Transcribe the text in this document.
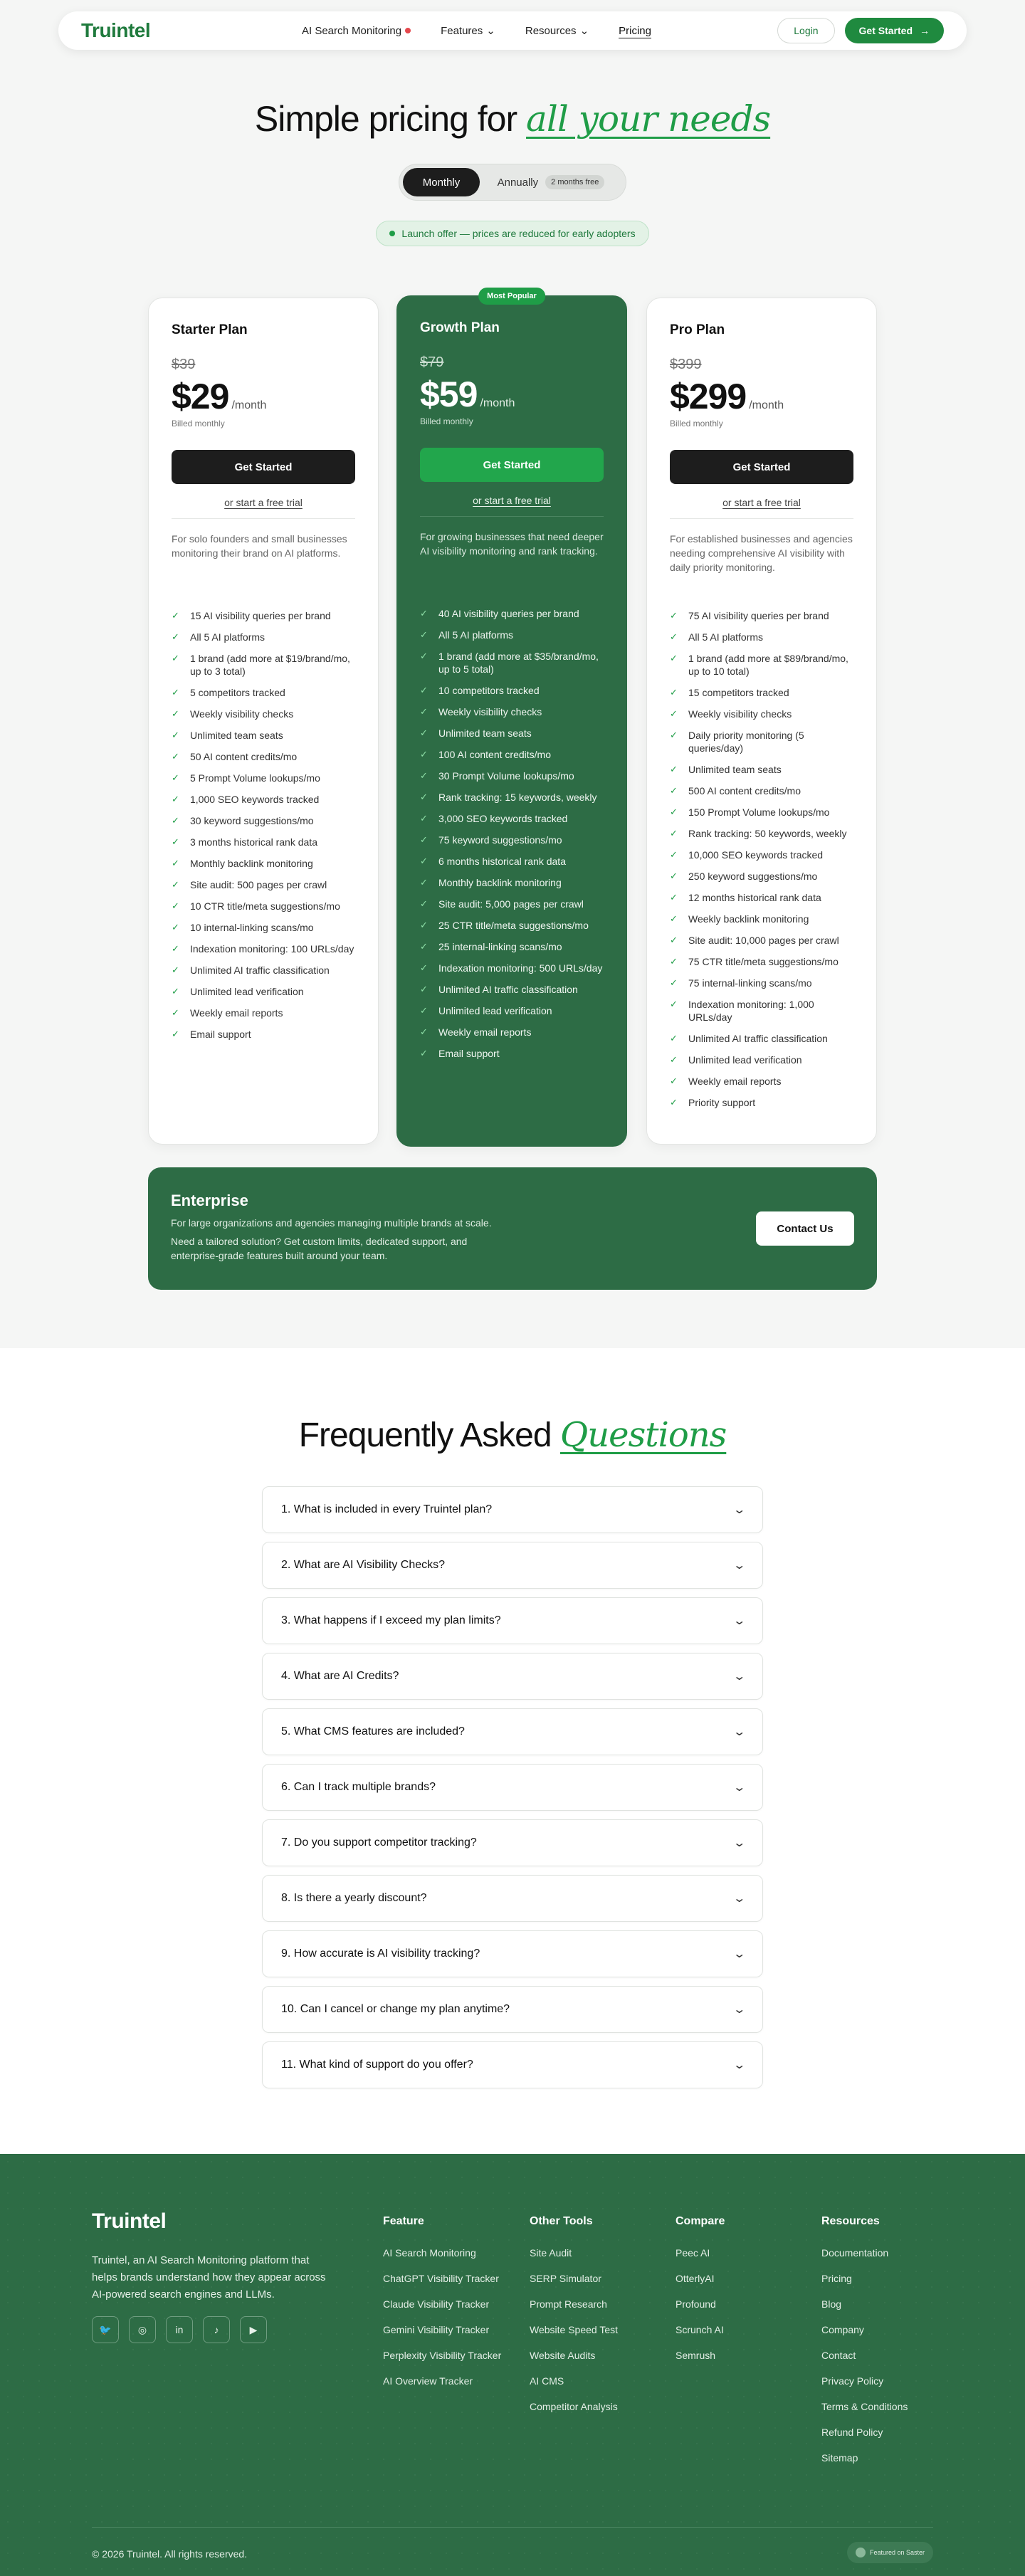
Truintel	AI Search Monitoring	Features ⌄	Resources ⌄	Pricing	Login	Get Started →
Simple pricing for all your needs
Monthly	Annually	2 months free
Launch offer — prices are reduced for early adopters
Starter Plan
$39
$29 /month
Billed monthly
Get Started
or start a free trial
For solo founders and small businesses monitoring their brand on AI platforms.
✓ 15 AI visibility queries per brand
✓ All 5 AI platforms
✓ 1 brand (add more at $19/brand/mo, up to 3 total)
✓ 5 competitors tracked
✓ Weekly visibility checks
✓ Unlimited team seats
✓ 50 AI content credits/mo
✓ 5 Prompt Volume lookups/mo
✓ 1,000 SEO keywords tracked
✓ 30 keyword suggestions/mo
✓ 3 months historical rank data
✓ Monthly backlink monitoring
✓ Site audit: 500 pages per crawl
✓ 10 CTR title/meta suggestions/mo
✓ 10 internal-linking scans/mo
✓ Indexation monitoring: 100 URLs/day
✓ Unlimited AI traffic classification
✓ Unlimited lead verification
✓ Weekly email reports
✓ Email support
Most Popular
Growth Plan
$79
$59 /month
Billed monthly
Get Started
or start a free trial
For growing businesses that need deeper AI visibility monitoring and rank tracking.
✓ 40 AI visibility queries per brand
✓ All 5 AI platforms
✓ 1 brand (add more at $35/brand/mo, up to 5 total)
✓ 10 competitors tracked
✓ Weekly visibility checks
✓ Unlimited team seats
✓ 100 AI content credits/mo
✓ 30 Prompt Volume lookups/mo
✓ Rank tracking: 15 keywords, weekly
✓ 3,000 SEO keywords tracked
✓ 75 keyword suggestions/mo
✓ 6 months historical rank data
✓ Monthly backlink monitoring
✓ Site audit: 5,000 pages per crawl
✓ 25 CTR title/meta suggestions/mo
✓ 25 internal-linking scans/mo
✓ Indexation monitoring: 500 URLs/day
✓ Unlimited AI traffic classification
✓ Unlimited lead verification
✓ Weekly email reports
✓ Email support
Pro Plan
$399
$299 /month
Billed monthly
Get Started
or start a free trial
For established businesses and agencies needing comprehensive AI visibility with daily priority monitoring.
✓ 75 AI visibility queries per brand
✓ All 5 AI platforms
✓ 1 brand (add more at $89/brand/mo, up to 10 total)
✓ 15 competitors tracked
✓ Weekly visibility checks
✓ Daily priority monitoring (5 queries/day)
✓ Unlimited team seats
✓ 500 AI content credits/mo
✓ 150 Prompt Volume lookups/mo
✓ Rank tracking: 50 keywords, weekly
✓ 10,000 SEO keywords tracked
✓ 250 keyword suggestions/mo
✓ 12 months historical rank data
✓ Weekly backlink monitoring
✓ Site audit: 10,000 pages per crawl
✓ 75 CTR title/meta suggestions/mo
✓ 75 internal-linking scans/mo
✓ Indexation monitoring: 1,000 URLs/day
✓ Unlimited AI traffic classification
✓ Unlimited lead verification
✓ Weekly email reports
✓ Priority support
Enterprise
For large organizations and agencies managing multiple brands at scale.
Need a tailored solution? Get custom limits, dedicated support, and enterprise-grade features built around your team.
Contact Us
Frequently Asked Questions
1. What is included in every Truintel plan?	⌄
2. What are AI Visibility Checks?	⌄
3. What happens if I exceed my plan limits?	⌄
4. What are AI Credits?	⌄
5. What CMS features are included?	⌄
6. Can I track multiple brands?	⌄
7. Do you support competitor tracking?	⌄
8. Is there a yearly discount?	⌄
9. How accurate is AI visibility tracking?	⌄
10. Can I cancel or change my plan anytime?	⌄
11. What kind of support do you offer?	⌄
Truintel
Truintel, an AI Search Monitoring platform that helps brands understand how they appear across AI-powered search engines and LLMs.
🐦	◎	in	♪	▶
Feature
AI Search Monitoring
ChatGPT Visibility Tracker
Claude Visibility Tracker
Gemini Visibility Tracker
Perplexity Visibility Tracker
AI Overview Tracker
Other Tools
Site Audit
SERP Simulator
Prompt Research
Website Speed Test
Website Audits
AI CMS
Competitor Analysis
Compare
Peec AI
OtterlyAI
Profound
Scrunch AI
Semrush
Resources
Documentation
Pricing
Blog
Company
Contact
Privacy Policy
Terms & Conditions
Refund Policy
Sitemap
© 2026 Truintel. All rights reserved.	Featured on Saster
